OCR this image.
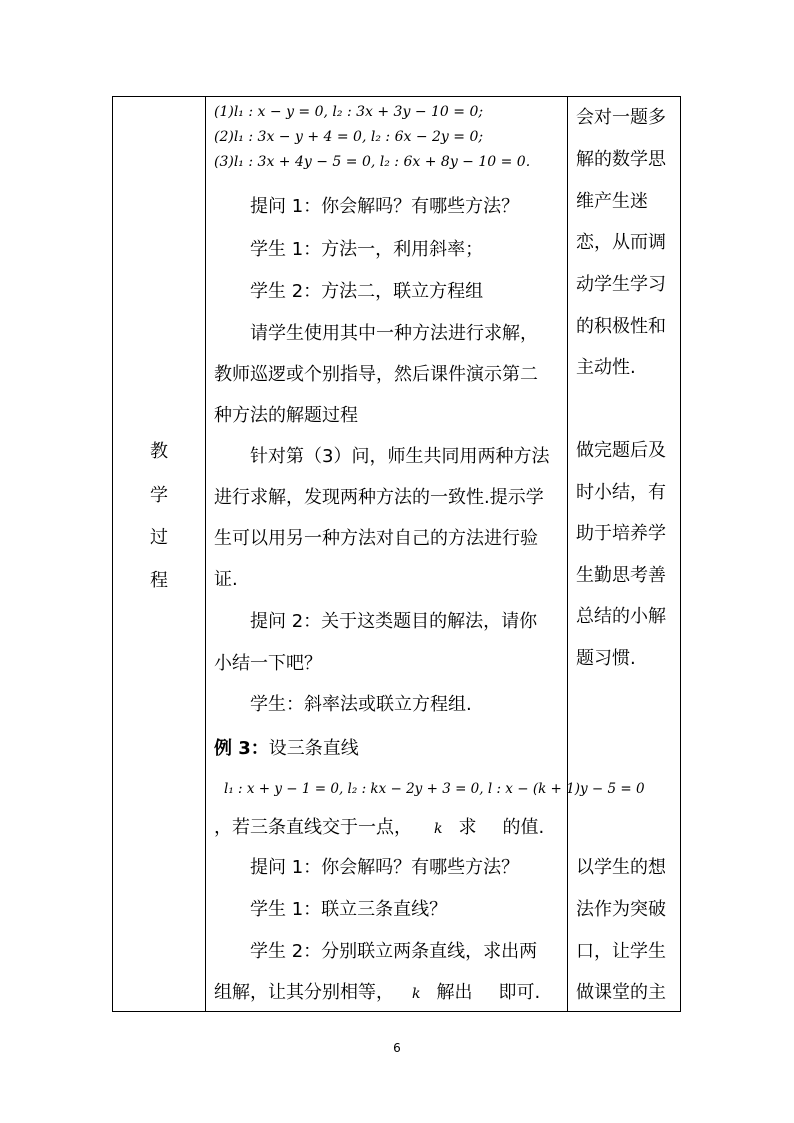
教
学
过
程
(1)l₁ : x − y = 0, l₂ : 3x + 3y − 10 = 0;
(2)l₁ : 3x − y + 4 = 0, l₂ : 6x − 2y = 0;
(3)l₁ : 3x + 4y − 5 = 0, l₂ : 6x + 8y − 10 = 0.
提问 1：你会解吗？有哪些方法？
学生 1：方法一，利用斜率；
学生 2：方法二，联立方程组
请学生使用其中一种方法进行求解，
教师巡逻或个别指导，然后课件演示第二
种方法的解题过程
针对第（3）问，师生共同用两种方法
进行求解，发现两种方法的一致性.提示学
生可以用另一种方法对自己的方法进行验
证.
提问 2：关于这类题目的解法，请你
小结一下吧？
学生：斜率法或联立方程组.
例 3：设三条直线
l₁ : x + y − 1 = 0, l₂ : kx − 2y + 3 = 0, l : x − (k + 1)y − 5 = 0
，若三条直线交于一点， k 求 的值.
提问 1：你会解吗？有哪些方法？
学生 1：联立三条直线？
学生 2：分别联立两条直线，求出两
组解，让其分别相等， k 解出 即可.
会对一题多
解的数学思
维产生迷
恋，从而调
动学生学习
的积极性和
主动性.
做完题后及
时小结，有
助于培养学
生勤思考善
总结的小解
题习惯.
以学生的想
法作为突破
口，让学生
做课堂的主
6
